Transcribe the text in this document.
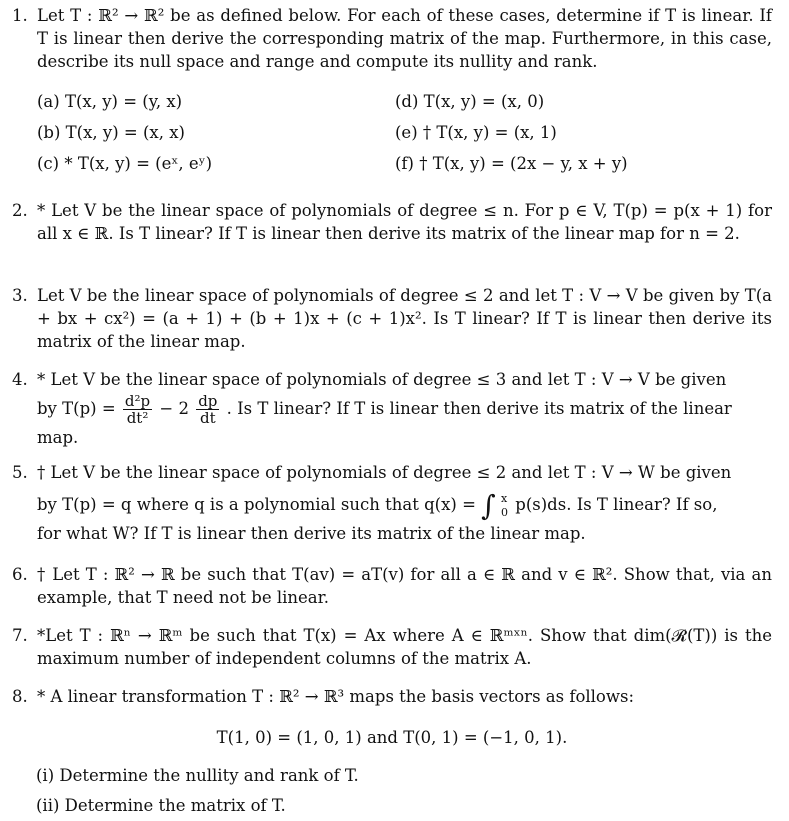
1. Let T : ℝ² → ℝ² be as defined below. For each of these cases, determine if T is linear. If T is linear then derive the corresponding matrix of the map. Furthermore, in this case, describe its null space and range and compute its nullity and rank.
(a) T(x, y) = (y, x)
(b) T(x, y) = (x, x)
(c) * T(x, y) = (eˣ, eʸ)
(d) T(x, y) = (x, 0)
(e) † T(x, y) = (x, 1)
(f) † T(x, y) = (2x − y, x + y)
2. * Let V be the linear space of polynomials of degree ≤ n. For p ∈ V, T(p) = p(x + 1) for all x ∈ ℝ. Is T linear? If T is linear then derive its matrix of the linear map for n = 2.
3. Let V be the linear space of polynomials of degree ≤ 2 and let T : V → V be given by T(a + bx + cx²) = (a + 1) + (b + 1)x + (c + 1)x². Is T linear? If T is linear then derive its matrix of the linear map.
4. * Let V be the linear space of polynomials of degree ≤ 3 and let T : V → V be given
by $T(p) = \frac{\text{d²p}}{\text{dt²}} - 2 \frac{dp}{dt}$ . Is T linear? If T is linear then derive its matrix of the linear
map.
5. † Let V be the linear space of polynomials of degree ≤ 2 and let T : V → W be given
by T(p) = q where q is a polynomial such that q(x) = ∫ x
0 p(s)ds. Is T linear? If so,
for what W? If T is linear then derive its matrix of the linear map.
6. † Let T : ℝ² → ℝ be such that T(av) = aT(v) for all a ∈ ℝ and v ∈ ℝ². Show that, via an example, that T need not be linear.
7. *Let T : ℝⁿ → ℝᵐ be such that T(x) = Ax where A ∈ ℝᵐˣⁿ. Show that dim(𝓡(T)) is the maximum number of independent columns of the matrix A.
8. * A linear transformation T : ℝ² → ℝ³ maps the basis vectors as follows:
T(1, 0) = (1, 0, 1) and T(0, 1) = (−1, 0, 1).
(i) Determine the nullity and rank of T.
(ii) Determine the matrix of T.
